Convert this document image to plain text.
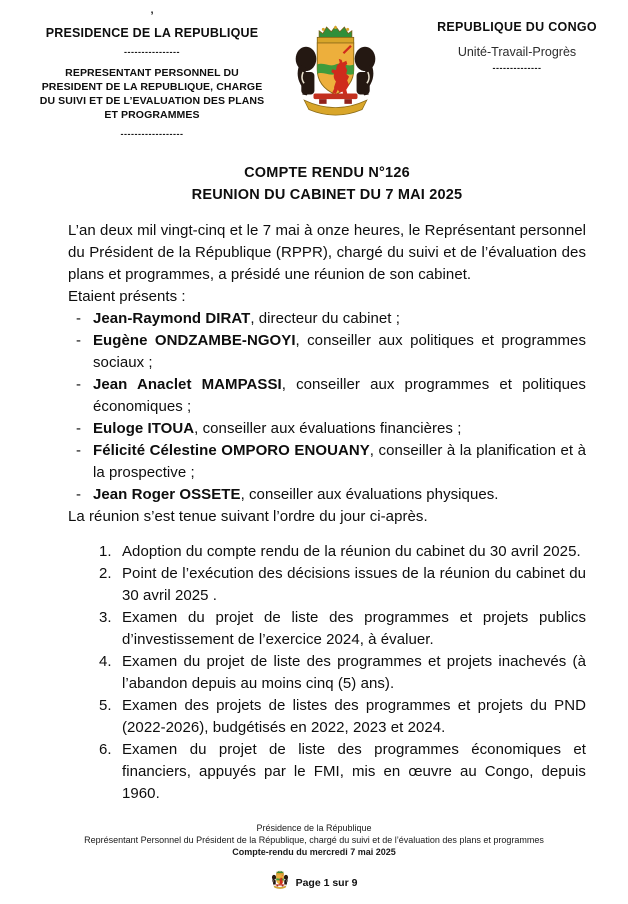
’
PRESIDENCE DE LA REPUBLIQUE
----------------
REPRESENTANT PERSONNEL DU PRESIDENT DE LA REPUBLIQUE, CHARGE DU SUIVI ET DE L’EVALUATION DES PLANS ET PROGRAMMES
------------------
REPUBLIQUE DU CONGO
Unité-Travail-Progrès
--------------
COMPTE RENDU N°126
REUNION DU CABINET DU 7 MAI 2025

L’an deux mil vingt-cinq et le 7 mai à onze heures, le Représentant personnel du Président de la République (RPPR), chargé du suivi et de l’évaluation des plans et programmes, a présidé une réunion de son cabinet.
Etaient présents :

- Jean-Raymond DIRAT, directeur du cabinet ;
- Eugène ONDZAMBE-NGOYI, conseiller aux politiques et programmes sociaux ;
- Jean Anaclet MAMPASSI, conseiller aux programmes et politiques économiques ;
- Euloge ITOUA, conseiller aux évaluations financières ;
- Félicité Célestine OMPORO ENOUANY, conseiller à la planification et à la prospective ;
- Jean Roger OSSETE, conseiller aux évaluations physiques.

La réunion s’est tenue suivant l’ordre du jour ci-après.

Adoption du compte rendu de la réunion du cabinet du 30 avril 2025.
Point de l’exécution des décisions issues de la réunion du cabinet du 30 avril 2025 .
Examen du projet de liste des programmes et projets publics d’investissement de l’exercice 2024, à évaluer.
Examen du projet de liste des programmes et projets inachevés (à l’abandon depuis au moins cinq (5) ans).
Examen des projets de listes des programmes et projets du PND (2022-2026), budgétisés en 2022, 2023 et 2024.
Examen du projet de liste des programmes économiques et financiers, appuyés par le FMI, mis en œuvre au Congo, depuis 1960.
Présidence de la République
Représentant Personnel du Président de la République, chargé du suivi et de l’évaluation des plans et programmes
Compte-rendu du mercredi 7 mai 2025
Page 1 sur 9
